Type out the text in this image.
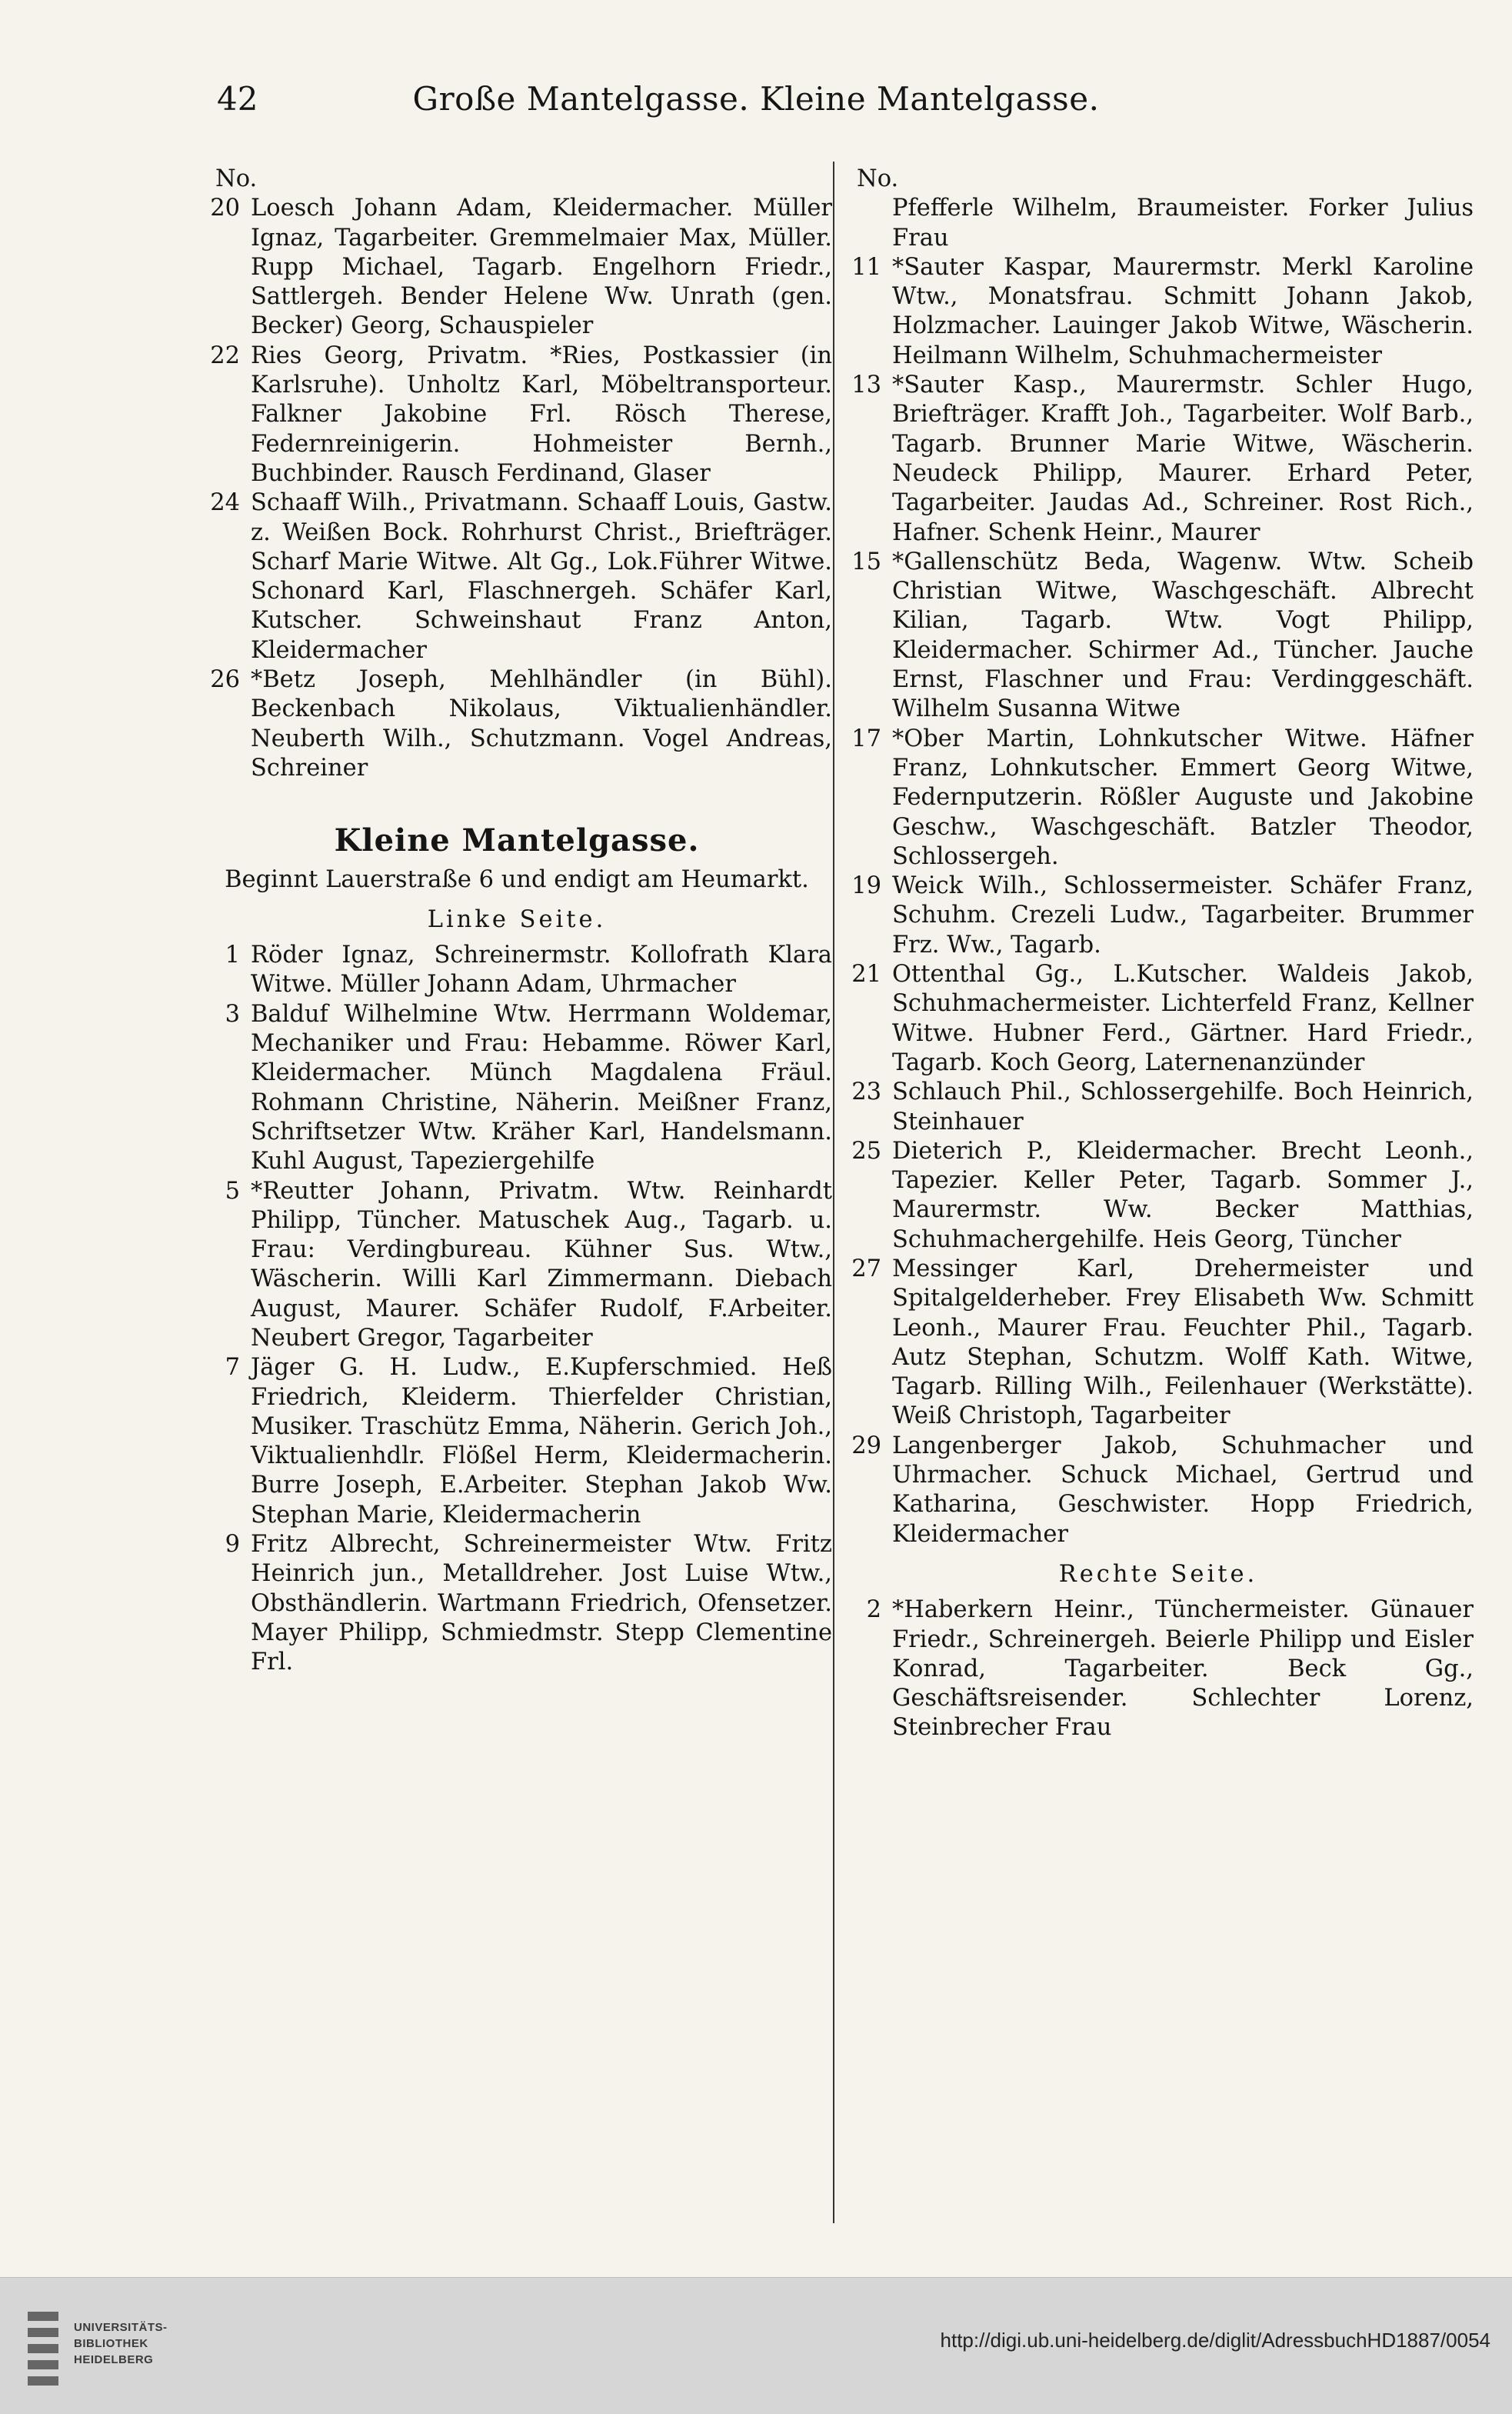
42	Große Mantelgasse. Kleine Mantelgasse.
No.
20 Loesch Johann Adam, Kleidermacher. Müller Ignaz, Tagarbeiter. Gremmelmaier Max, Müller. Rupp Michael, Tagarb. Engelhorn Friedr., Sattlergeh. Bender Helene Ww. Unrath (gen. Becker) Georg, Schauspieler
22 Ries Georg, Privatm. *Ries, Postkassier (in Karlsruhe). Unholtz Karl, Möbeltransporteur. Falkner Jakobine Frl. Rösch Therese, Federnreinigerin. Hohmeister Bernh., Buchbinder. Rausch Ferdinand, Glaser
24 Schaaff Wilh., Privatmann. Schaaff Louis, Gastw. z. Weißen Bock. Rohrhurst Christ., Briefträger. Scharf Marie Witwe. Alt Gg., Lok.Führer Witwe. Schonard Karl, Flaschnergeh. Schäfer Karl, Kutscher. Schweinshaut Franz Anton, Kleidermacher
26 *Betz Joseph, Mehlhändler (in Bühl). Beckenbach Nikolaus, Viktualienhändler. Neuberth Wilh., Schutzmann. Vogel Andreas, Schreiner
Kleine Mantelgasse.
Beginnt Lauerstraße 6 und endigt am Heumarkt.
Linke Seite.
1 Röder Ignaz, Schreinermstr. Kollofrath Klara Witwe. Müller Johann Adam, Uhrmacher
3 Balduf Wilhelmine Wtw. Herrmann Woldemar, Mechaniker und Frau: Hebamme. Röwer Karl, Kleidermacher. Münch Magdalena Fräul. Rohmann Christine, Näherin. Meißner Franz, Schriftsetzer Wtw. Kräher Karl, Handelsmann. Kuhl August, Tapeziergehilfe
5 *Reutter Johann, Privatm. Wtw. Reinhardt Philipp, Tüncher. Matuschek Aug., Tagarb. u. Frau: Verdingbureau. Kühner Sus. Wtw., Wäscherin. Willi Karl Zimmermann. Diebach August, Maurer. Schäfer Rudolf, F.Arbeiter. Neubert Gregor, Tagarbeiter
7 Jäger G. H. Ludw., E.Kupferschmied. Heß Friedrich, Kleiderm. Thierfelder Christian, Musiker. Traschütz Emma, Näherin. Gerich Joh., Viktualienhdlr. Flößel Herm, Kleidermacherin. Burre Joseph, E.Arbeiter. Stephan Jakob Ww. Stephan Marie, Kleidermacherin
9 Fritz Albrecht, Schreinermeister Wtw. Fritz Heinrich jun., Metalldreher. Jost Luise Wtw., Obsthändlerin. Wartmann Friedrich, Ofensetzer. Mayer Philipp, Schmiedmstr. Stepp Clementine Frl.
No.
Pfefferle Wilhelm, Braumeister. Forker Julius Frau
11 *Sauter Kaspar, Maurermstr. Merkl Karoline Wtw., Monatsfrau. Schmitt Johann Jakob, Holzmacher. Lauinger Jakob Witwe, Wäscherin. Heilmann Wilhelm, Schuhmachermeister
13 *Sauter Kasp., Maurermstr. Schler Hugo, Briefträger. Krafft Joh., Tagarbeiter. Wolf Barb., Tagarb. Brunner Marie Witwe, Wäscherin. Neudeck Philipp, Maurer. Erhard Peter, Tagarbeiter. Jaudas Ad., Schreiner. Rost Rich., Hafner. Schenk Heinr., Maurer
15 *Gallenschütz Beda, Wagenw. Wtw. Scheib Christian Witwe, Waschgeschäft. Albrecht Kilian, Tagarb. Wtw. Vogt Philipp, Kleidermacher. Schirmer Ad., Tüncher. Jauche Ernst, Flaschner und Frau: Verdinggeschäft. Wilhelm Susanna Witwe
17 *Ober Martin, Lohnkutscher Witwe. Häfner Franz, Lohnkutscher. Emmert Georg Witwe, Federnputzerin. Rößler Auguste und Jakobine Geschw., Waschgeschäft. Batzler Theodor, Schlossergeh.
19 Weick Wilh., Schlossermeister. Schäfer Franz, Schuhm. Crezeli Ludw., Tagarbeiter. Brummer Frz. Ww., Tagarb.
21 Ottenthal Gg., L.Kutscher. Waldeis Jakob, Schuhmachermeister. Lichterfeld Franz, Kellner Witwe. Hubner Ferd., Gärtner. Hard Friedr., Tagarb. Koch Georg, Laternenanzünder
23 Schlauch Phil., Schlossergehilfe. Boch Heinrich, Steinhauer
25 Dieterich P., Kleidermacher. Brecht Leonh., Tapezier. Keller Peter, Tagarb. Sommer J., Maurermstr. Ww. Becker Matthias, Schuhmachergehilfe. Heis Georg, Tüncher
27 Messinger Karl, Drehermeister und Spitalgelderheber. Frey Elisabeth Ww. Schmitt Leonh., Maurer Frau. Feuchter Phil., Tagarb. Autz Stephan, Schutzm. Wolff Kath. Witwe, Tagarb. Rilling Wilh., Feilenhauer (Werkstätte). Weiß Christoph, Tagarbeiter
29 Langenberger Jakob, Schuhmacher und Uhrmacher. Schuck Michael, Gertrud und Katharina, Geschwister. Hopp Friedrich, Kleidermacher
Rechte Seite.
2 *Haberkern Heinr., Tünchermeister. Günauer Friedr., Schreinergeh. Beierle Philipp und Eisler Konrad, Tagarbeiter. Beck Gg., Geschäftsreisender. Schlechter Lorenz, Steinbrecher Frau
UNIVERSITÄTS-
BIBLIOTHEK
HEIDELBERG
http://digi.ub.uni-heidelberg.de/diglit/AdressbuchHD1887/0054
